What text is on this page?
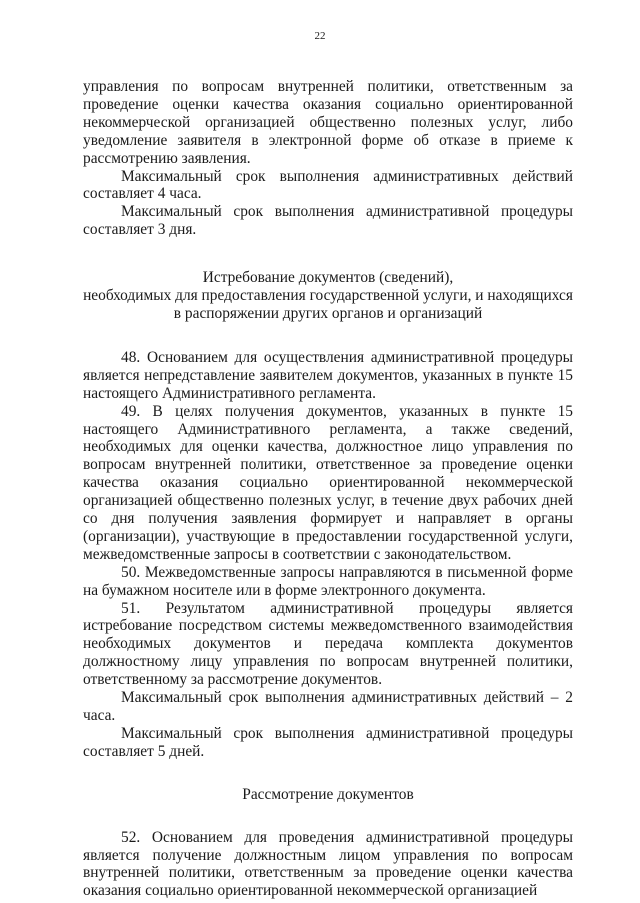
22

управления по вопросам внутренней политики, ответственным за проведение оценки качества оказания социально ориентированной некоммерческой организацией общественно полезных услуг, либо уведомление заявителя в электронной форме об отказе в приеме к рассмотрению заявления.

Максимальный срок выполнения административных действий составляет 4 часа.

Максимальный срок выполнения административной процедуры составляет 3 дня.

Истребование документов (сведений),

необходимых для предоставления государственной услуги, и находящихся

в распоряжении других органов и организаций

48. Основанием для осуществления административной процедуры является непредставление заявителем документов, указанных в пункте 15 настоящего Административного регламента.

49. В целях получения документов, указанных в пункте 15 настоящего Административного регламента, а также сведений, необходимых для оценки качества, должностное лицо управления по вопросам внутренней политики, ответственное за проведение оценки качества оказания социально ориентированной некоммерческой организацией общественно полезных услуг, в течение двух рабочих дней со дня получения заявления формирует и направляет в органы (организации), участвующие в предоставлении государственной услуги, межведомственные запросы в соответствии с законодательством.

50. Межведомственные запросы направляются в письменной форме на бумажном носителе или в форме электронного документа.

51. Результатом административной процедуры является истребование посредством системы межведомственного взаимодействия необходимых документов и передача комплекта документов должностному лицу управления по вопросам внутренней политики, ответственному за рассмотрение документов.

Максимальный срок выполнения административных действий – 2 часа.

Максимальный срок выполнения административной процедуры составляет 5 дней.

Рассмотрение документов

52. Основанием для проведения административной процедуры является получение должностным лицом управления по вопросам внутренней политики, ответственным за проведение оценки качества оказания социально ориентированной некоммерческой организацией
